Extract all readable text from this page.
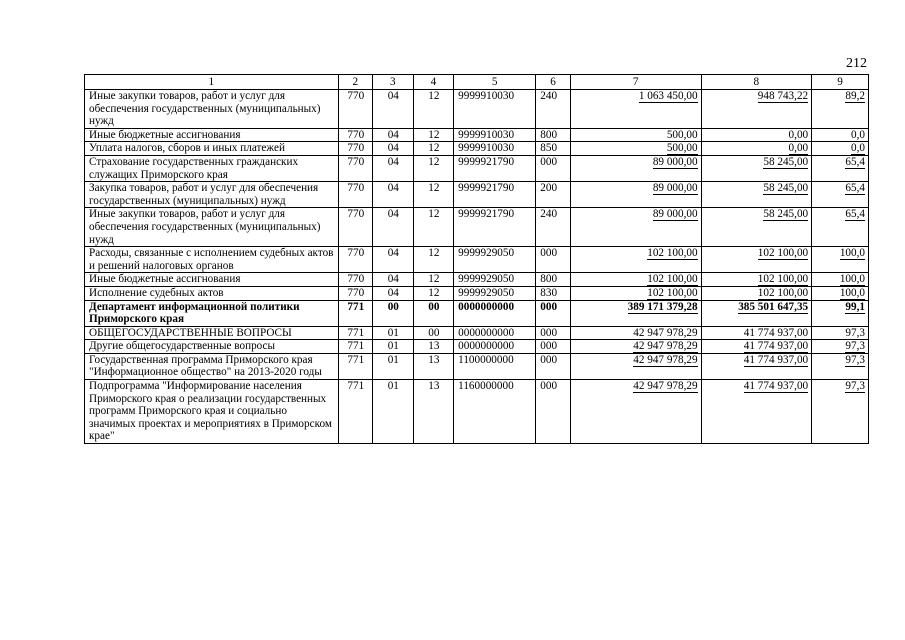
212
1	2	3	4	5	6	7	8	9
Иные закупки товаров, работ и услуг для обеспечения государственных (муниципальных) нужд	770	04	12	9999910030	240	1 063 450,00	948 743,22	89,2
Иные бюджетные ассигнования	770	04	12	9999910030	800	500,00	0,00	0,0
Уплата налогов, сборов и иных платежей	770	04	12	9999910030	850	500,00	0,00	0,0
Страхование государственных гражданских служащих Приморского края	770	04	12	9999921790	000	89 000,00	58 245,00	65,4
Закупка товаров, работ и услуг для обеспечения государственных (муниципальных) нужд	770	04	12	9999921790	200	89 000,00	58 245,00	65,4
Иные закупки товаров, работ и услуг для обеспечения государственных (муниципальных) нужд	770	04	12	9999921790	240	89 000,00	58 245,00	65,4
Расходы, связанные с исполнением судебных актов и решений налоговых органов	770	04	12	9999929050	000	102 100,00	102 100,00	100,0
Иные бюджетные ассигнования	770	04	12	9999929050	800	102 100,00	102 100,00	100,0
Исполнение судебных актов	770	04	12	9999929050	830	102 100,00	102 100,00	100,0
Департамент информационной политики Приморского края	771	00	00	0000000000	000	389 171 379,28	385 501 647,35	99,1
ОБЩЕГОСУДАРСТВЕННЫЕ ВОПРОСЫ	771	01	00	0000000000	000	42 947 978,29	41 774 937,00	97,3
Другие общегосударственные вопросы	771	01	13	0000000000	000	42 947 978,29	41 774 937,00	97,3
Государственная программа Приморского края "Информационное общество" на 2013-2020 годы	771	01	13	1100000000	000	42 947 978,29	41 774 937,00	97,3
Подпрограмма "Информирование населения Приморского края о реализации государственных программ Приморского края и социально значимых проектах и мероприятиях в Приморском крае"	771	01	13	1160000000	000	42 947 978,29	41 774 937,00	97,3
